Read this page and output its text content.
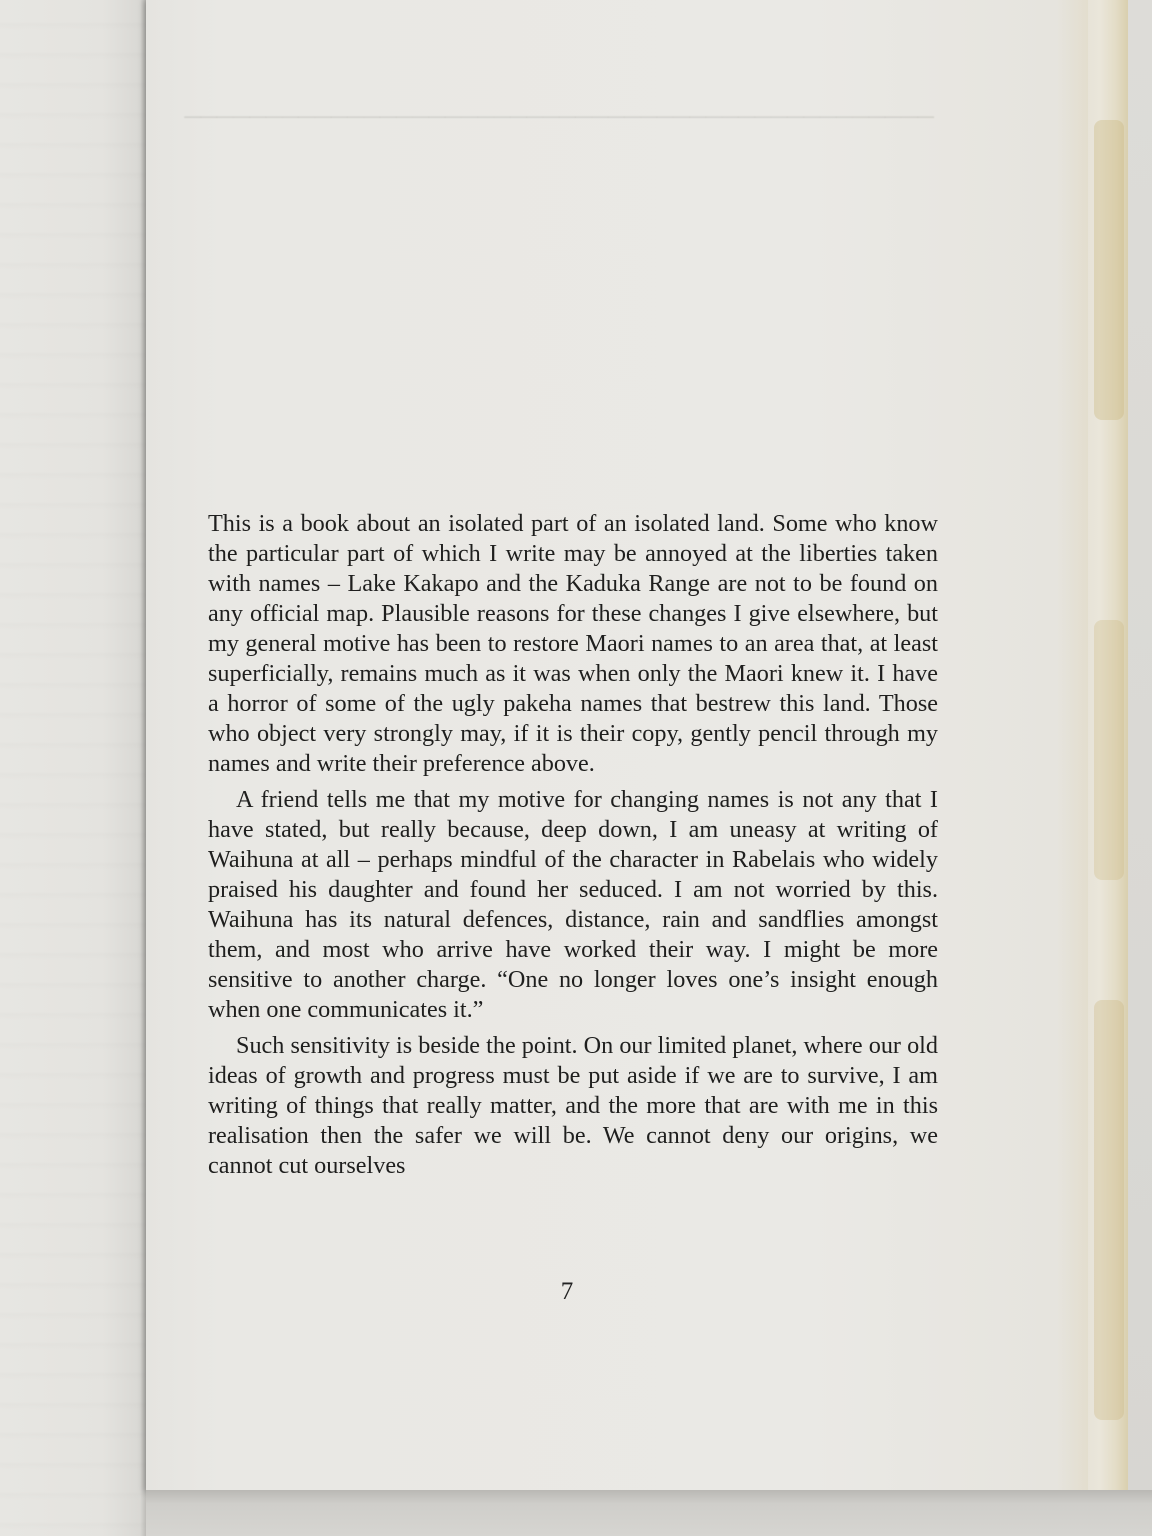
──────────────────────────────────────────────

This is a book about an isolated part of an isolated land. Some who know the particular part of which I write may be annoyed at the liberties taken with names – Lake Kakapo and the Kaduka Range are not to be found on any official map. Plausible reasons for these changes I give elsewhere, but my general motive has been to restore Maori names to an area that, at least superficially, remains much as it was when only the Maori knew it. I have a horror of some of the ugly pakeha names that bestrew this land. Those who object very strongly may, if it is their copy, gently pencil through my names and write their preference above.

A friend tells me that my motive for changing names is not any that I have stated, but really because, deep down, I am uneasy at writing of Waihuna at all – perhaps mindful of the character in Rabelais who widely praised his daughter and found her seduced. I am not worried by this. Waihuna has its natural defences, distance, rain and sandflies amongst them, and most who arrive have worked their way. I might be more sensitive to another charge. “One no longer loves one’s insight enough when one communicates it.”

Such sensitivity is beside the point. On our limited planet, where our old ideas of growth and progress must be put aside if we are to survive, I am writing of things that really matter, and the more that are with me in this realisation then the safer we will be. We cannot deny our origins, we cannot cut ourselves

7
